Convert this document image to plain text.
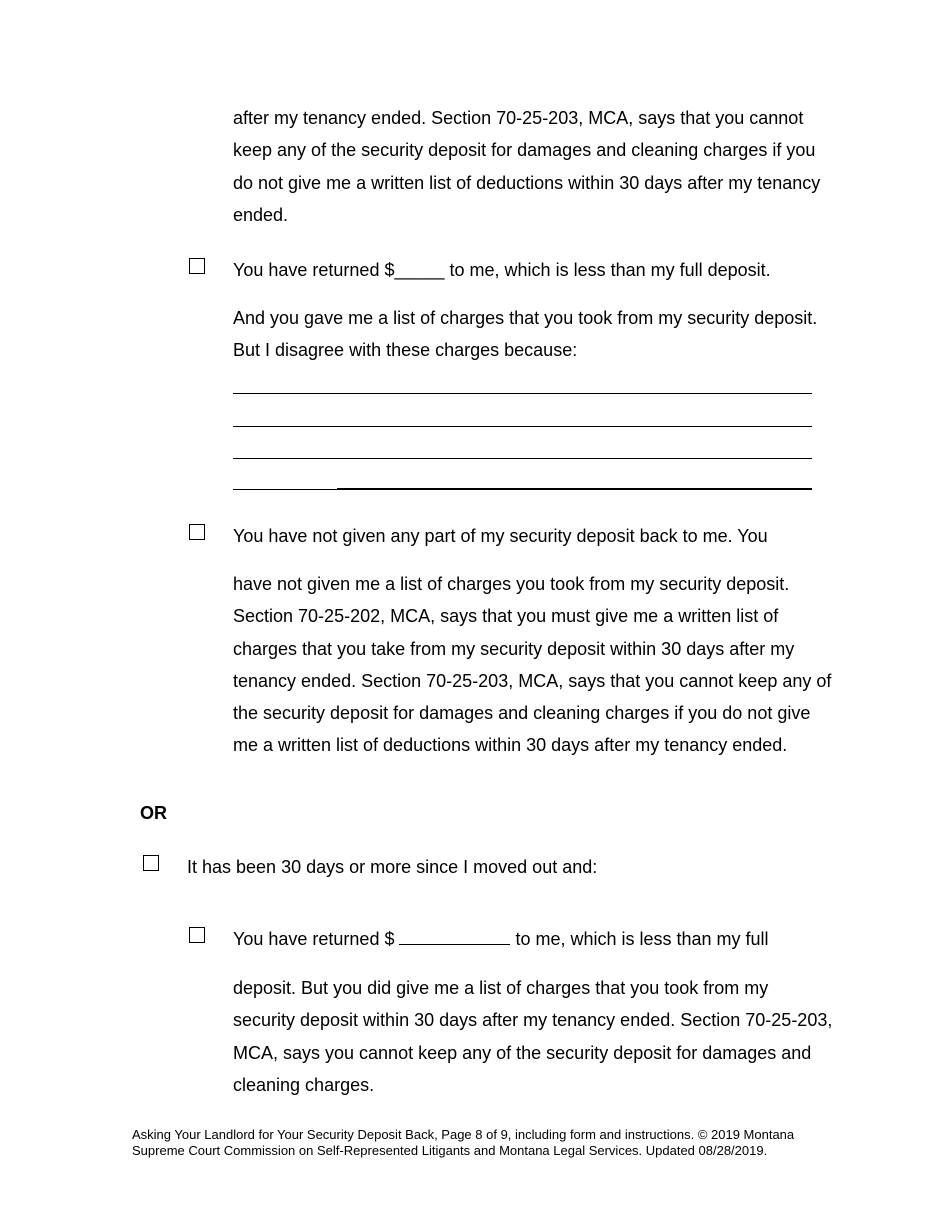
after my tenancy ended. Section 70-25-203, MCA, says that you cannot keep any of the security deposit for damages and cleaning charges if you do not give me a written list of deductions within 30 days after my tenancy ended.

You have returned $_____ to me, which is less than my full deposit.

And you gave me a list of charges that you took from my security deposit. But I disagree with these charges because:

You have not given any part of my security deposit back to me. You

have not given me a list of charges you took from my security deposit. Section 70-25-202, MCA, says that you must give me a written list of charges that you take from my security deposit within 30 days after my tenancy ended. Section 70-25-203, MCA, says that you cannot keep any of the security deposit for damages and cleaning charges if you do not give me a written list of deductions within 30 days after my tenancy ended.

OR

It has been 30 days or more since I moved out and:

You have returned $	to me, which is less than my full

deposit. But you did give me a list of charges that you took from my security deposit within 30 days after my tenancy ended. Section 70-25-203, MCA, says you cannot keep any of the security deposit for damages and cleaning charges.

Asking Your Landlord for Your Security Deposit Back, Page 8 of 9, including form and instructions. © 2019 Montana
Supreme Court Commission on Self-Represented Litigants and Montana Legal Services. Updated 08/28/2019.
